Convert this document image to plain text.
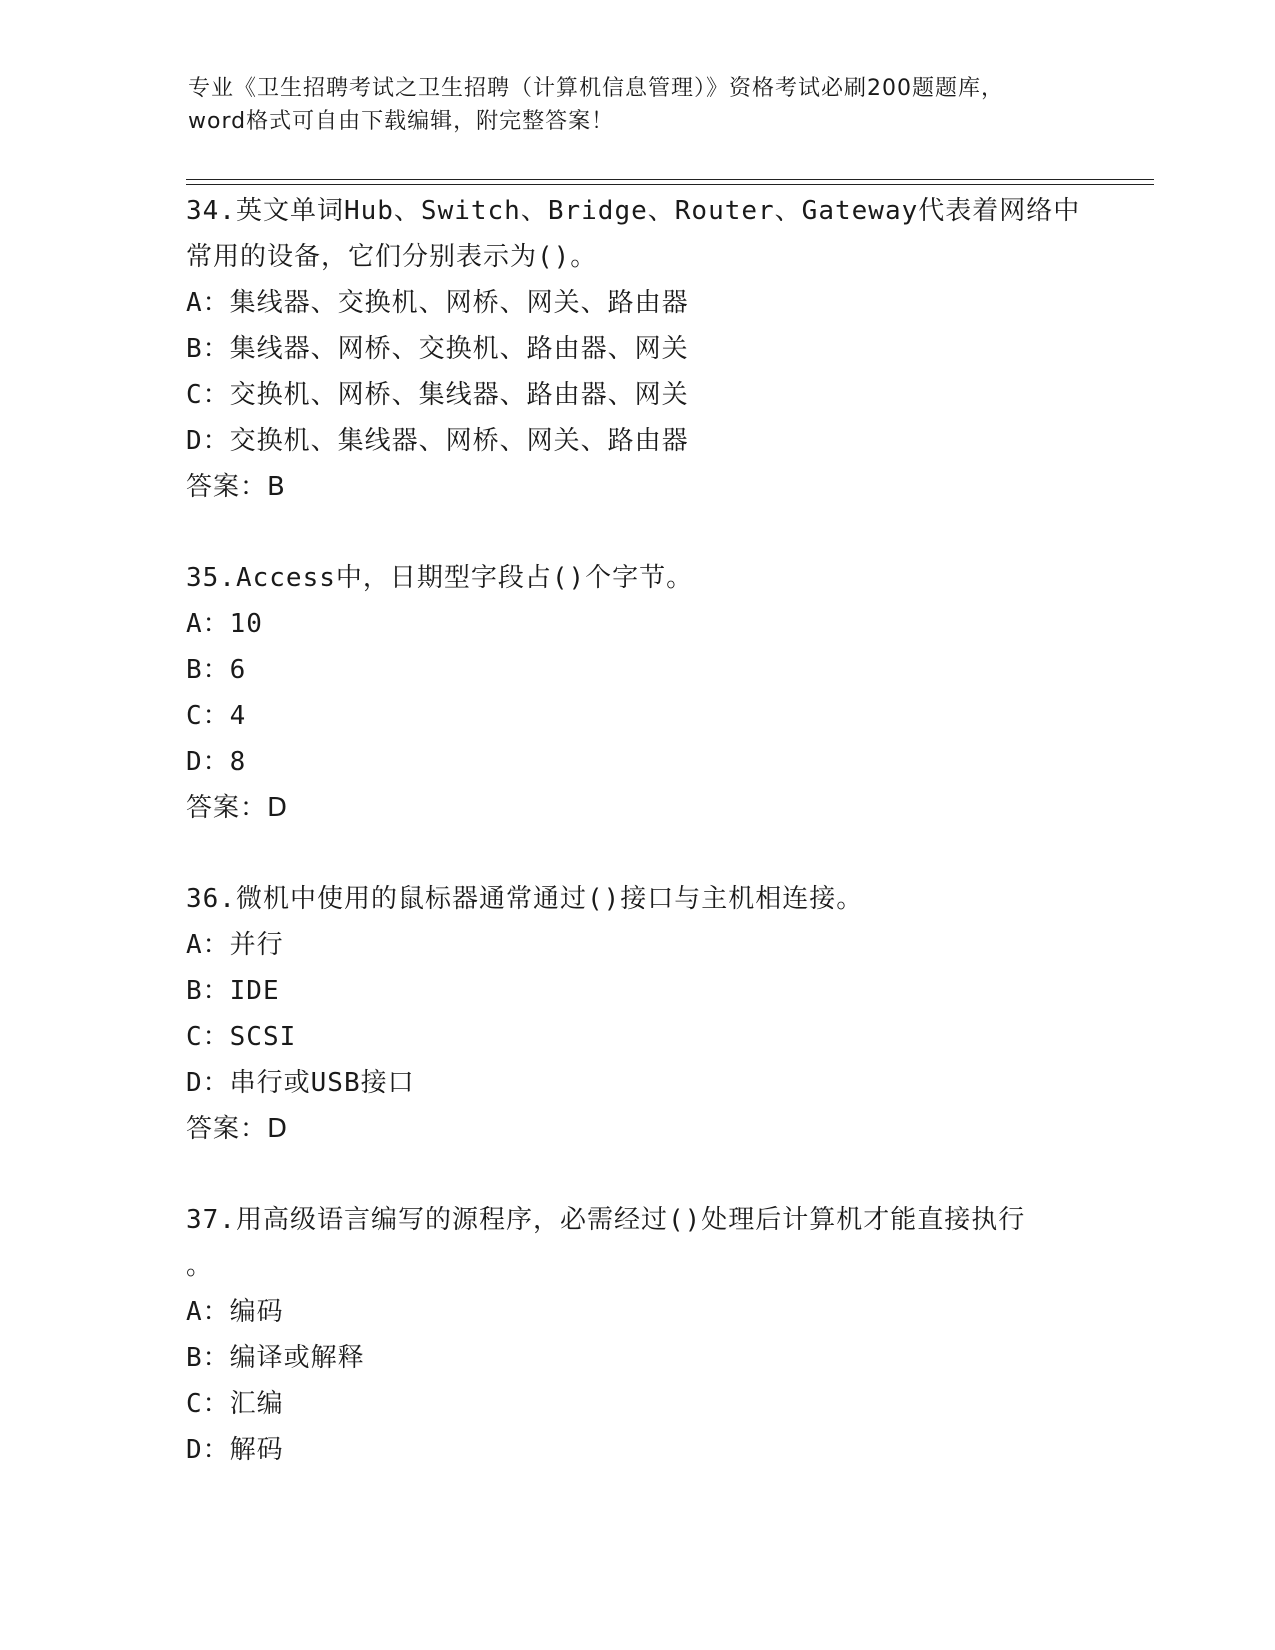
专业《卫生招聘考试之卫生招聘（计算机信息管理）》资格考试必刷200题题库，
word格式可自由下载编辑，附完整答案！
34.英文单词Hub、Switch、Bridge、Router、Gateway代表着网络中
常用的设备，它们分别表示为()。
A：集线器、交换机、网桥、网关、路由器
B：集线器、网桥、交换机、路由器、网关
C：交换机、网桥、集线器、路由器、网关
D：交换机、集线器、网桥、网关、路由器
答案：B
35.Access中，日期型字段占()个字节。
A：10
B：6
C：4
D：8
答案：D
36.微机中使用的鼠标器通常通过()接口与主机相连接。
A：并行
B：IDE
C：SCSI
D：串行或USB接口
答案：D
37.用高级语言编写的源程序，必需经过()处理后计算机才能直接执行
。
A：编码
B：编译或解释
C：汇编
D：解码
